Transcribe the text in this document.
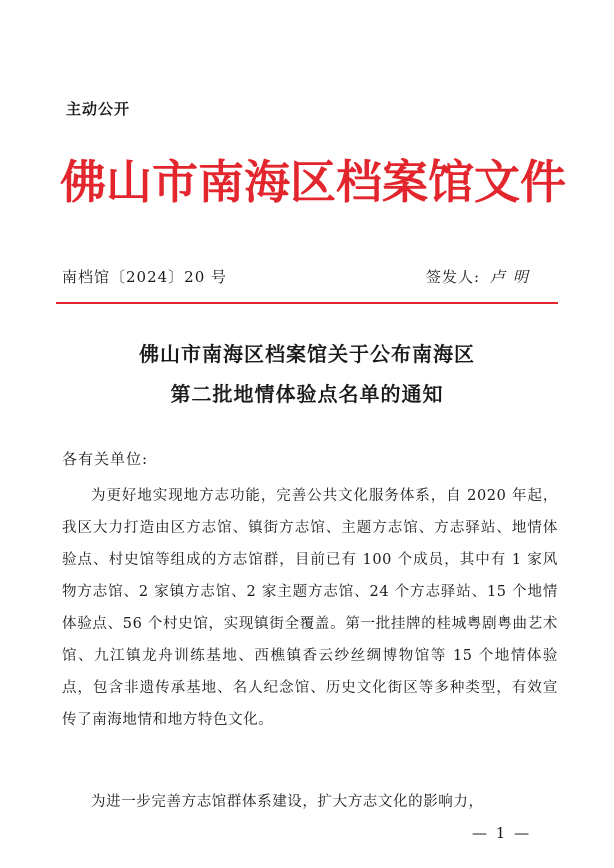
主动公开
佛山市南海区档案馆文件
南档馆〔2024〕20 号	签发人: 卢明
佛山市南海区档案馆关于公布南海区
第二批地情体验点名单的通知
各有关单位:
为更好地实现地方志功能，完善公共文化服务体系，自 2020 年起，我区大力打造由区方志馆、镇街方志馆、主题方志馆、方志驿站、地情体验点、村史馆等组成的方志馆群，目前已有 100 个成员，其中有 1 家风物方志馆、2 家镇方志馆、2 家主题方志馆、24 个方志驿站、15 个地情体验点、56 个村史馆，实现镇街全覆盖。第一批挂牌的桂城粤剧粤曲艺术馆、九江镇龙舟训练基地、西樵镇香云纱丝绸博物馆等 15 个地情体验点，包含非遗传承基地、名人纪念馆、历史文化街区等多种类型，有效宣传了南海地情和地方特色文化。
为进一步完善方志馆群体系建设，扩大方志文化的影响力，
— 1 —
